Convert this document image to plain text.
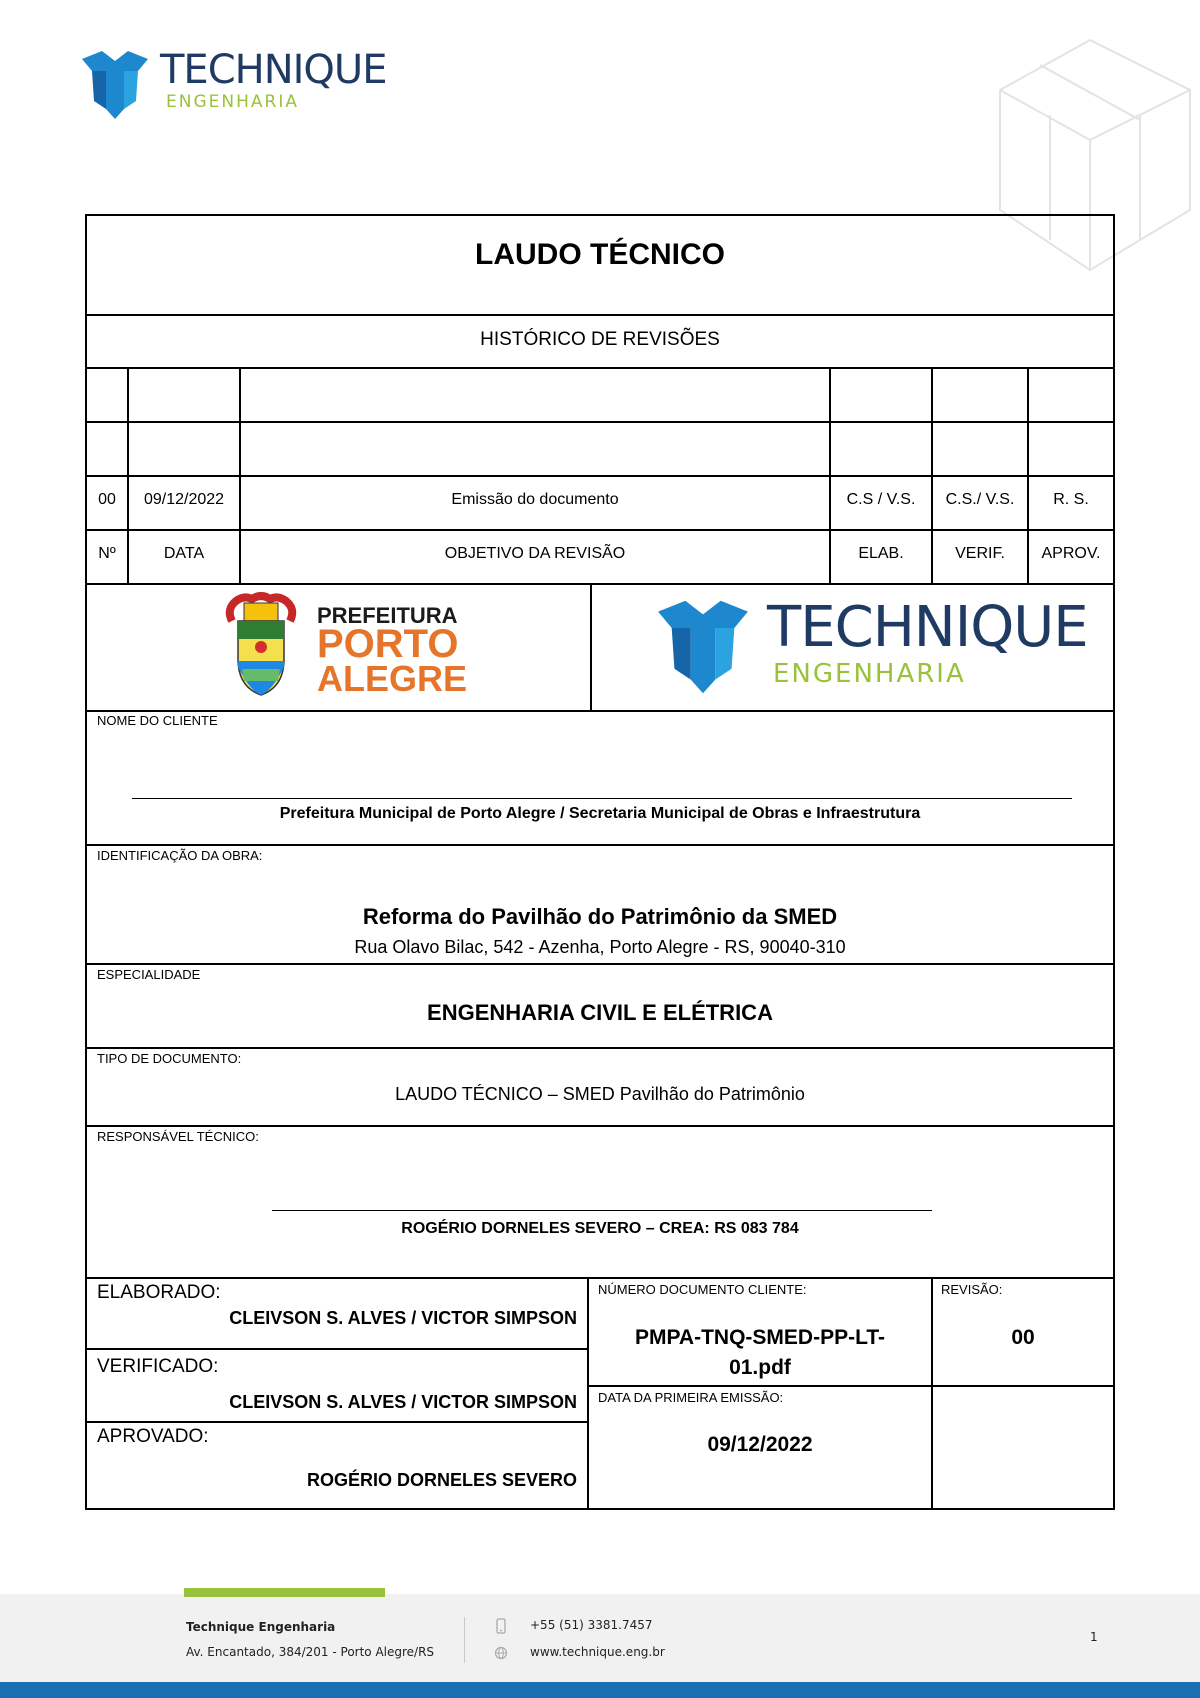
TECHNIQUE
ENGENHARIA
LAUDO TÉCNICO
HISTÓRICO DE REVISÕES
00	09/12/2022	Emissão do documento	C.S / V.S.	C.S./ V.S.	R. S.
Nº	DATA	OBJETIVO DA REVISÃO	ELAB.	VERIF.	APROV.
PREFEITURA
PORTO
ALEGRE
TECHNIQUE
ENGENHARIA
NOME DO CLIENTE
Prefeitura Municipal de Porto Alegre / Secretaria Municipal de Obras e Infraestrutura
IDENTIFICAÇÃO DA OBRA:
Reforma do Pavilhão do Patrimônio da SMED
Rua Olavo Bilac, 542 - Azenha, Porto Alegre - RS, 90040-310
ESPECIALIDADE
ENGENHARIA CIVIL E ELÉTRICA
TIPO DE DOCUMENTO:
LAUDO TÉCNICO – SMED Pavilhão do Patrimônio
RESPONSÁVEL TÉCNICO:
ROGÉRIO DORNELES SEVERO – CREA: RS 083 784
ELABORADO:
CLEIVSON S. ALVES / VICTOR SIMPSON
VERIFICADO:
CLEIVSON S. ALVES / VICTOR SIMPSON
APROVADO:
ROGÉRIO DORNELES SEVERO
NÚMERO DOCUMENTO CLIENTE:
PMPA-TNQ-SMED-PP-LT-
01.pdf
REVISÃO:
00
DATA DA PRIMEIRA EMISSÃO:
09/12/2022
Technique Engenharia
Av. Encantado, 384/201 - Porto Alegre/RS
+55 (51) 3381.7457
www.technique.eng.br
1
